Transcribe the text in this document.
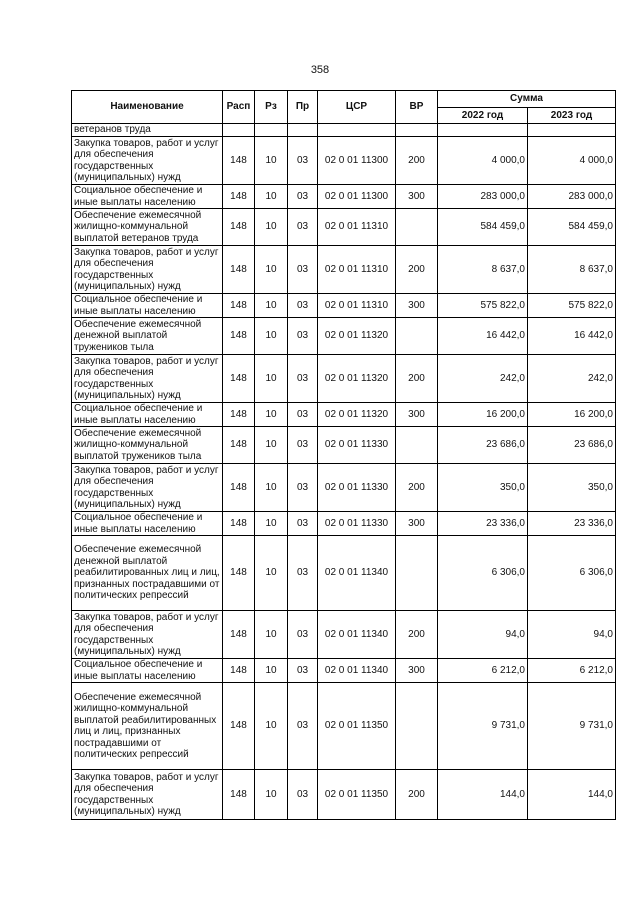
358
Наименование	Расп	Рз	Пр	ЦСР	ВР	Сумма	
						2022 год	2023 год
ветеранов труда							
Закупка товаров, работ и услуг для обеспечения государственных (муниципальных) нужд	148	10	03	02 0 01 11300	200	4 000,0	4 000,0
Социальное обеспечение и иные выплаты населению	148	10	03	02 0 01 11300	300	283 000,0	283 000,0
Обеспечение ежемесячной жилищно-коммунальной выплатой ветеранов труда	148	10	03	02 0 01 11310		584 459,0	584 459,0
Закупка товаров, работ и услуг для обеспечения государственных (муниципальных) нужд	148	10	03	02 0 01 11310	200	8 637,0	8 637,0
Социальное обеспечение и иные выплаты населению	148	10	03	02 0 01 11310	300	575 822,0	575 822,0
Обеспечение ежемесячной денежной выплатой тружеников тыла	148	10	03	02 0 01 11320		16 442,0	16 442,0
Закупка товаров, работ и услуг для обеспечения государственных (муниципальных) нужд	148	10	03	02 0 01 11320	200	242,0	242,0
Социальное обеспечение и иные выплаты населению	148	10	03	02 0 01 11320	300	16 200,0	16 200,0
Обеспечение ежемесячной жилищно-коммунальной выплатой тружеников тыла	148	10	03	02 0 01 11330		23 686,0	23 686,0
Закупка товаров, работ и услуг для обеспечения государственных (муниципальных) нужд	148	10	03	02 0 01 11330	200	350,0	350,0
Социальное обеспечение и иные выплаты населению	148	10	03	02 0 01 11330	300	23 336,0	23 336,0
Обеспечение ежемесячной денежной выплатой реабилитированных лиц и лиц, признанных пострадавшими от политических репрессий	148	10	03	02 0 01 11340		6 306,0	6 306,0
Закупка товаров, работ и услуг для обеспечения государственных (муниципальных) нужд	148	10	03	02 0 01 11340	200	94,0	94,0
Социальное обеспечение и иные выплаты населению	148	10	03	02 0 01 11340	300	6 212,0	6 212,0
Обеспечение ежемесячной жилищно-коммунальной выплатой реабилитированных лиц и лиц, признанных пострадавшими от политических репрессий	148	10	03	02 0 01 11350		9 731,0	9 731,0
Закупка товаров, работ и услуг для обеспечения государственных (муниципальных) нужд	148	10	03	02 0 01 11350	200	144,0	144,0
